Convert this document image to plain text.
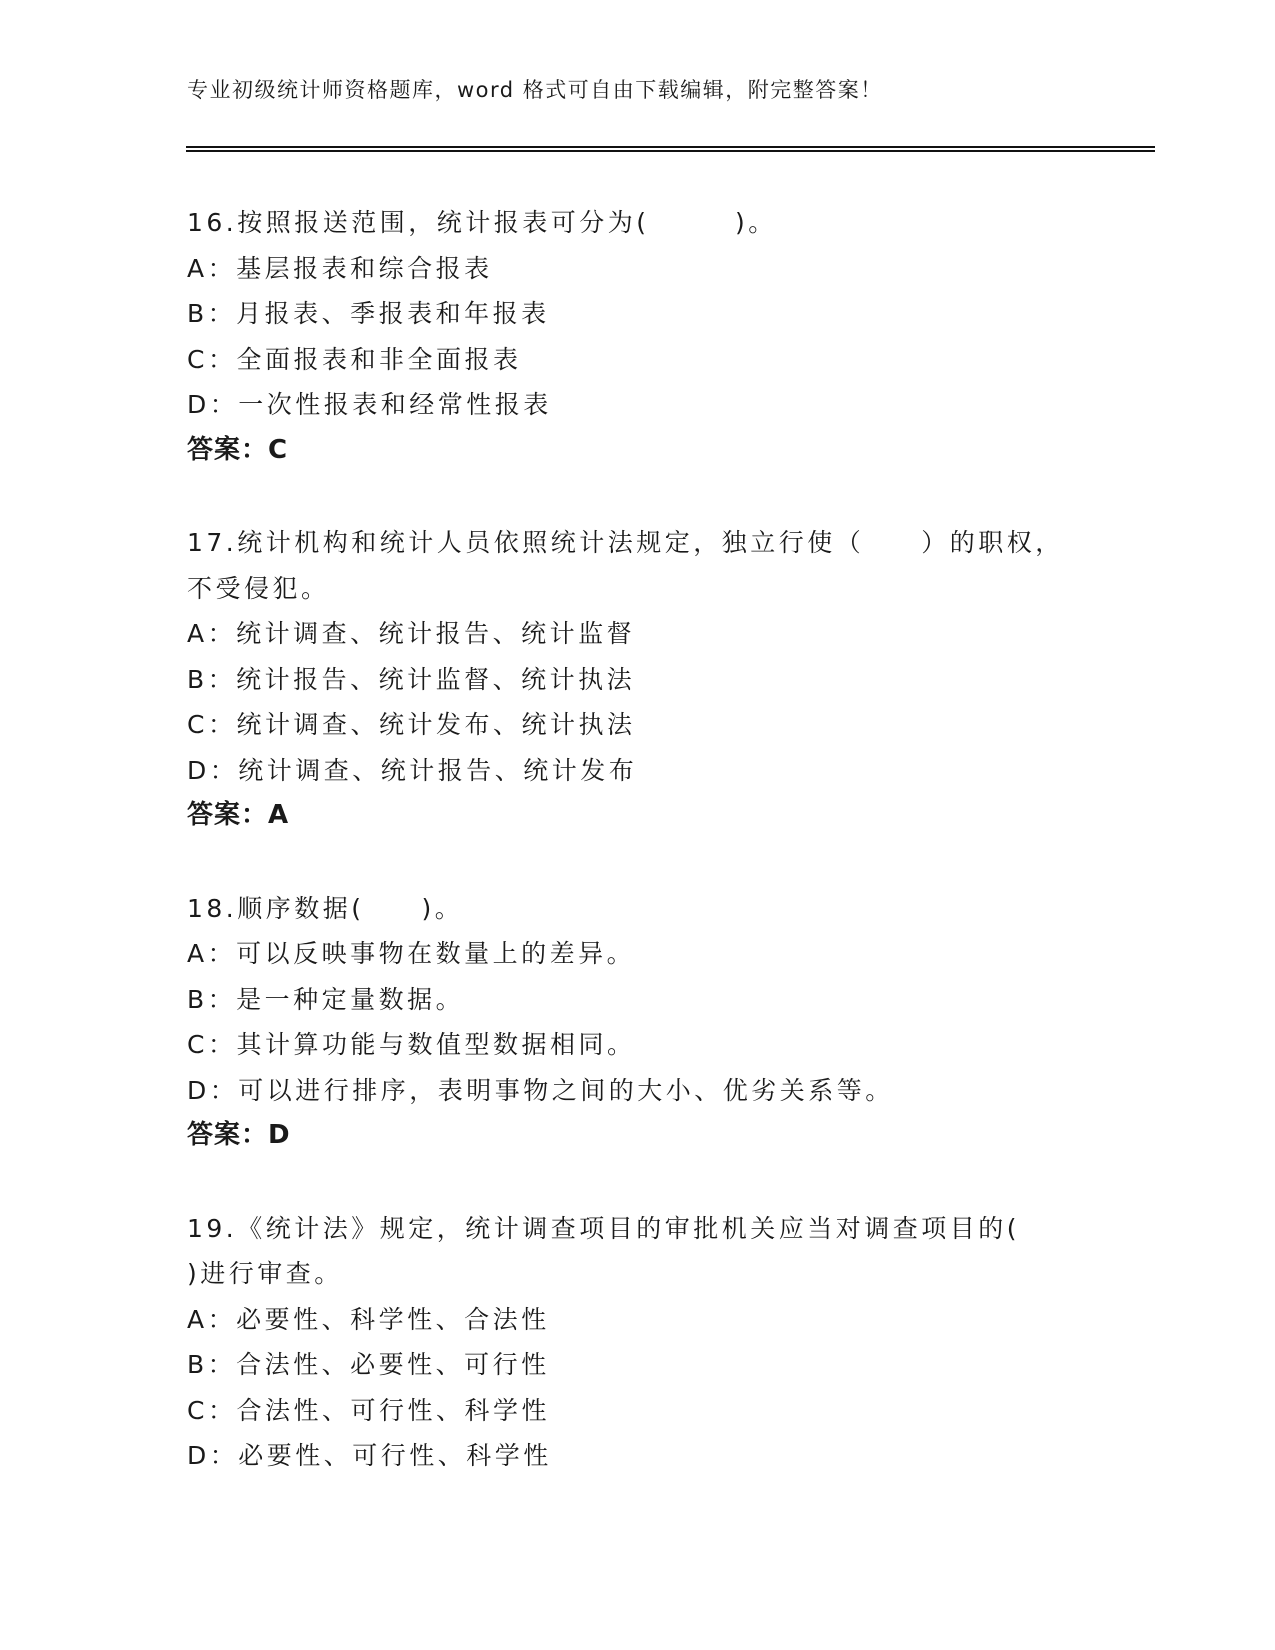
专业初级统计师资格题库，word 格式可自由下载编辑，附完整答案！
16.按照报送范围，统计报表可分为(　　　)。
A：基层报表和综合报表
B：月报表、季报表和年报表
C：全面报表和非全面报表
D：一次性报表和经常性报表
答案：C
17.统计机构和统计人员依照统计法规定，独立行使（　　）的职权，
不受侵犯。
A：统计调查、统计报告、统计监督
B：统计报告、统计监督、统计执法
C：统计调查、统计发布、统计执法
D：统计调查、统计报告、统计发布
答案：A
18.顺序数据(　　)。
A：可以反映事物在数量上的差异。
B：是一种定量数据。
C：其计算功能与数值型数据相同。
D：可以进行排序，表明事物之间的大小、优劣关系等。
答案：D
19.《统计法》规定，统计调查项目的审批机关应当对调查项目的(
)进行审查。
A：必要性、科学性、合法性
B：合法性、必要性、可行性
C：合法性、可行性、科学性
D：必要性、可行性、科学性
